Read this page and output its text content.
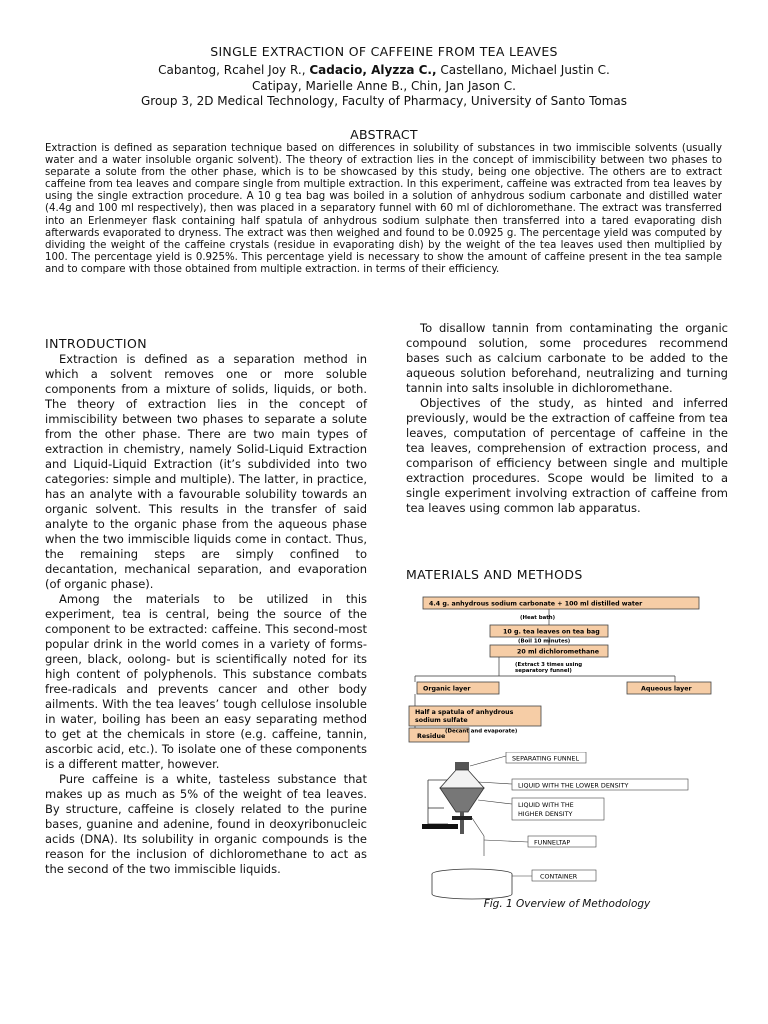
SINGLE EXTRACTION OF CAFFEINE FROM TEA LEAVES
Cabantog, Rcahel Joy R., Cadacio, Alyzza C., Castellano, Michael Justin C.
Catipay, Marielle Anne B., Chin, Jan Jason C.
Group 3, 2D Medical Technology, Faculty of Pharmacy, University of Santo Tomas
ABSTRACT
Extraction is defined as separation technique based on differences in solubility of substances in two immiscible solvents (usually water and a water insoluble organic solvent). The theory of extraction lies in the concept of immiscibility between two phases to separate a solute from the other phase, which is to be showcased by this study, being one objective. The others are to extract caffeine from tea leaves and compare single from multiple extraction. In this experiment, caffeine was extracted from tea leaves by using the single extraction procedure. A 10 g tea bag was boiled in a solution of anhydrous sodium carbonate and distilled water (4.4g and 100 ml respectively), then was placed in a separatory funnel with 60 ml of dichloromethane. The extract was transferred into an Erlenmeyer flask containing half spatula of anhydrous sodium sulphate then transferred into a tared evaporating dish afterwards evaporated to dryness. The extract was then weighed and found to be 0.0925 g. The percentage yield was computed by dividing the weight of the caffeine crystals (residue in evaporating dish) by the weight of the tea leaves used then multiplied by 100. The percentage yield is 0.925%. This percentage yield is necessary to show the amount of caffeine present in the tea sample and to compare with those obtained from multiple extraction. in terms of their efficiency.
INTRODUCTION

Extraction is defined as a separation method in which a solvent removes one or more soluble components from a mixture of solids, liquids, or both. The theory of extraction lies in the concept of immiscibility between two phases to separate a solute from the other phase. There are two main types of extraction in chemistry, namely Solid-Liquid Extraction and Liquid-Liquid Extraction (it’s subdivided into two categories: simple and multiple). The latter, in practice, has an analyte with a favourable solubility towards an organic solvent. This results in the transfer of said analyte to the organic phase from the aqueous phase when the two immiscible liquids come in contact. Thus, the remaining steps are simply confined to decantation, mechanical separation, and evaporation (of organic phase).

Among the materials to be utilized in this experiment, tea is central, being the source of the component to be extracted: caffeine. This second-most popular drink in the world comes in a variety of forms-green, black, oolong- but is scientifically noted for its high content of polyphenols. This substance combats free-radicals and prevents cancer and other body ailments. With the tea leaves’ tough cellulose insoluble in water, boiling has been an easy separating method to get at the chemicals in store (e.g. caffeine, tannin, ascorbic acid, etc.). To isolate one of these components is a different matter, however.

Pure caffeine is a white, tasteless substance that makes up as much as 5% of the weight of tea leaves. By structure, caffeine is closely related to the purine bases, guanine and adenine, found in deoxyribonucleic acids (DNA). Its solubility in organic compounds is the reason for the inclusion of dichloromethane to act as the second of the two immiscible liquids.

To disallow tannin from contaminating the organic compound solution, some procedures recommend bases such as calcium carbonate to be added to the aqueous solution beforehand, neutralizing and turning tannin into salts insoluble in dichloromethane.

Objectives of the study, as hinted and inferred previously, would be the extraction of caffeine from tea leaves, computation of percentage of caffeine in the tea leaves, comprehension of extraction process, and comparison of efficiency between single and multiple extraction procedures. Scope would be limited to a single experiment involving extraction of caffeine from tea leaves using common lab apparatus.

MATERIALS AND METHODS
4.4 g. anhydrous sodium carbonate + 100 ml distilled water
(Heat bath)
10 g. tea leaves on tea bag
(Boil 10 minutes)
20 ml dichloromethane
(Extract 3 times using
separatory funnel)
Organic layer	Aqueous layer
Half a spatula of anhydrous
sodium sulfate
(Decant and evaporate)
Residue
SEPARATING FUNNEL
LIQUID WITH THE LOWER DENSITY
LIQUID WITH THE
HIGHER DENSITY
FUNNELTAP
CONTAINER
Fig. 1 Overview of Methodology
